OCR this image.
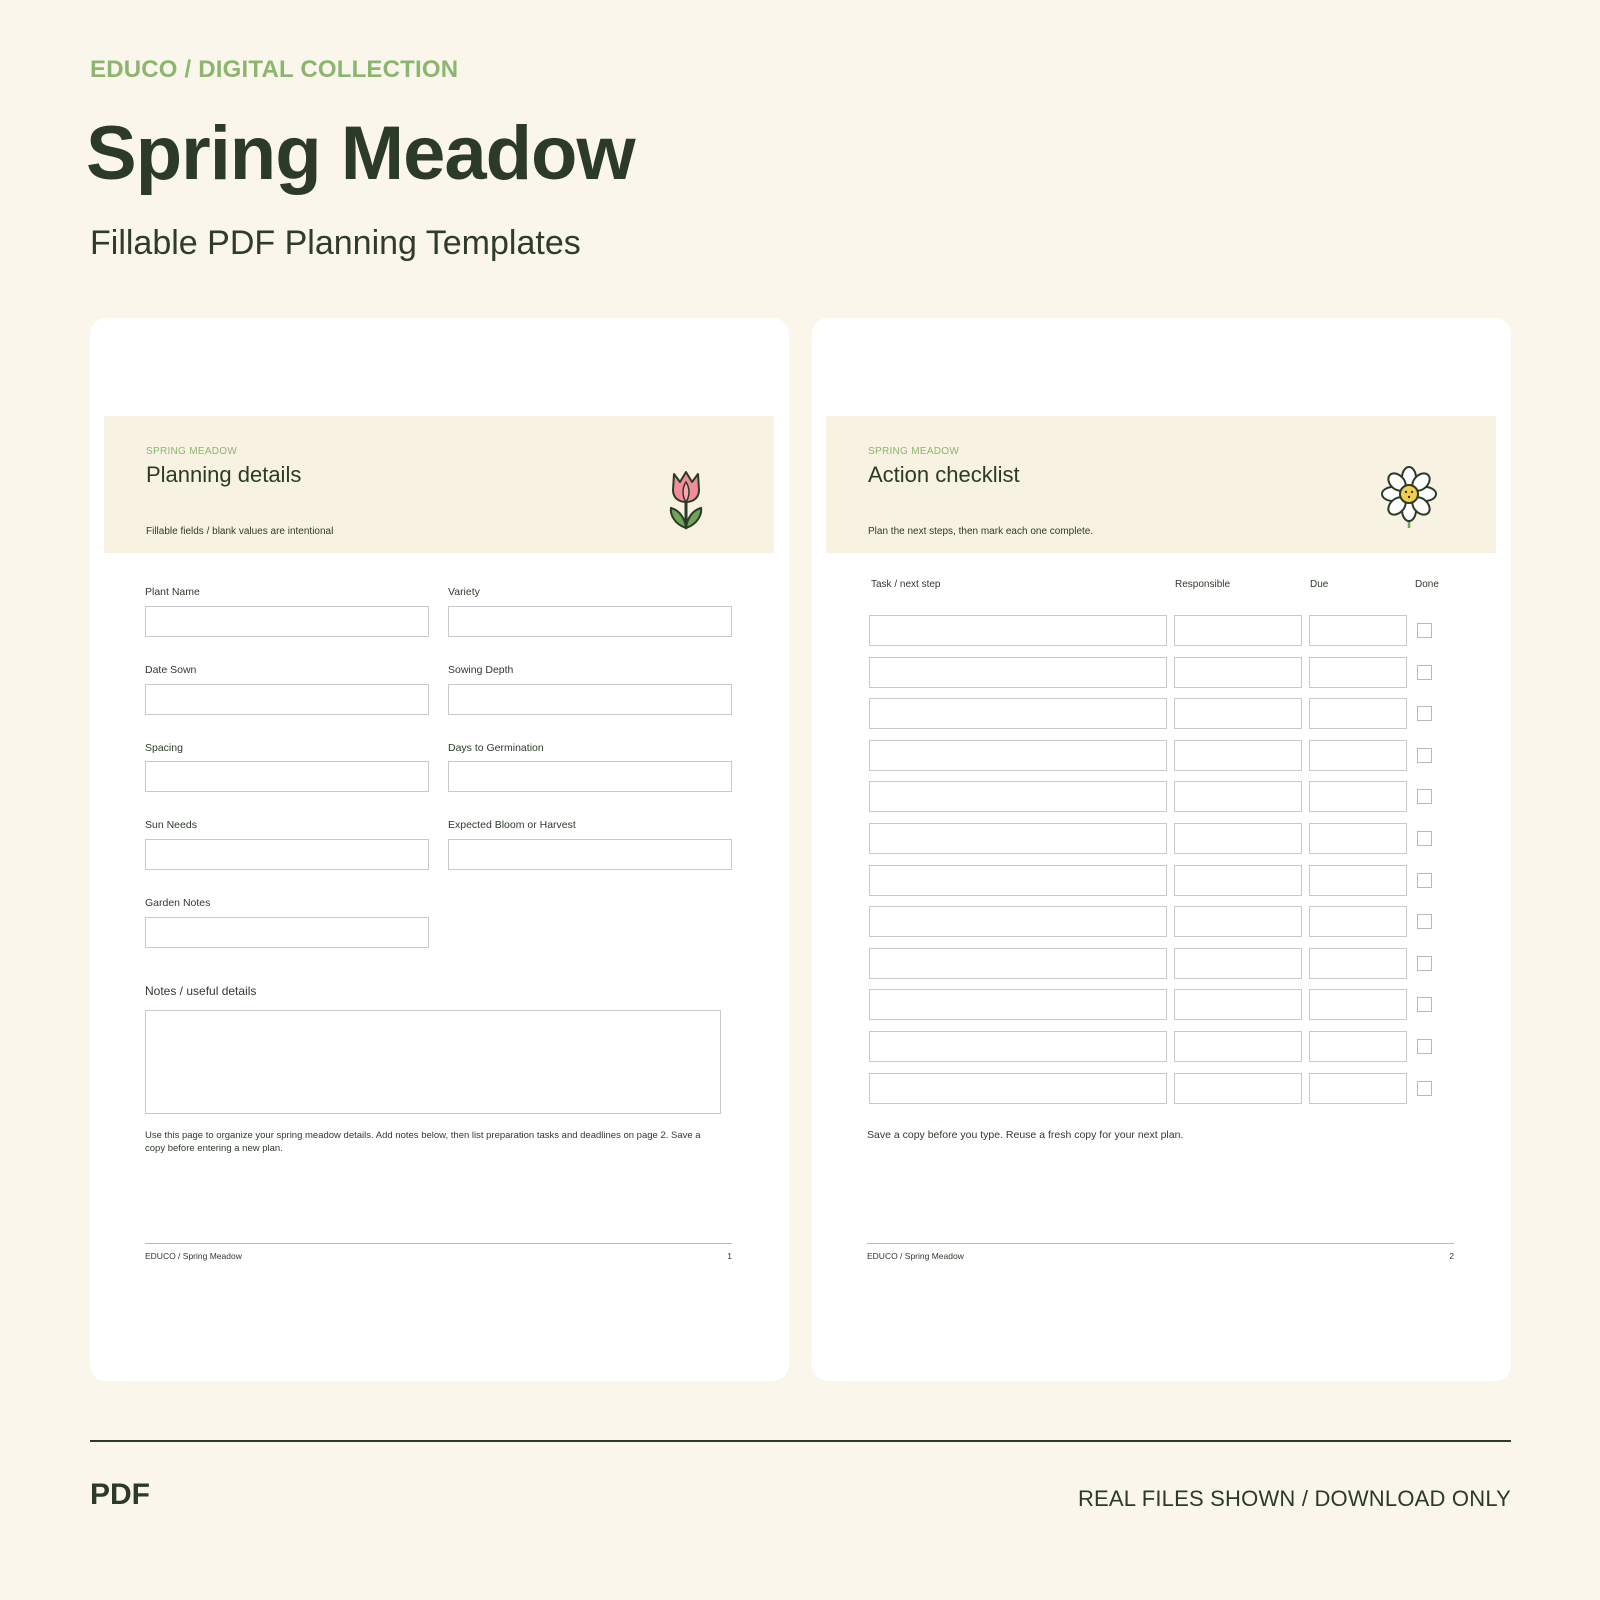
EDUCO / DIGITAL COLLECTION
Spring Meadow
Fillable PDF Planning Templates
SPRING MEADOW
Planning details
Fillable fields / blank values are intentional
Plant Name	Variety
Date Sown	Sowing Depth
Spacing	Days to Germination
Sun Needs	Expected Bloom or Harvest
Garden Notes
Notes / useful details
Use this page to organize your spring meadow details. Add notes below, then list preparation tasks and deadlines on page 2. Save a copy before entering a new plan.
EDUCO / Spring Meadow	1
SPRING MEADOW
Action checklist
Plan the next steps, then mark each one complete.
Task / next step	Responsible	Due	Done
Save a copy before you type. Reuse a fresh copy for your next plan.
EDUCO / Spring Meadow	2
PDF	REAL FILES SHOWN / DOWNLOAD ONLY
